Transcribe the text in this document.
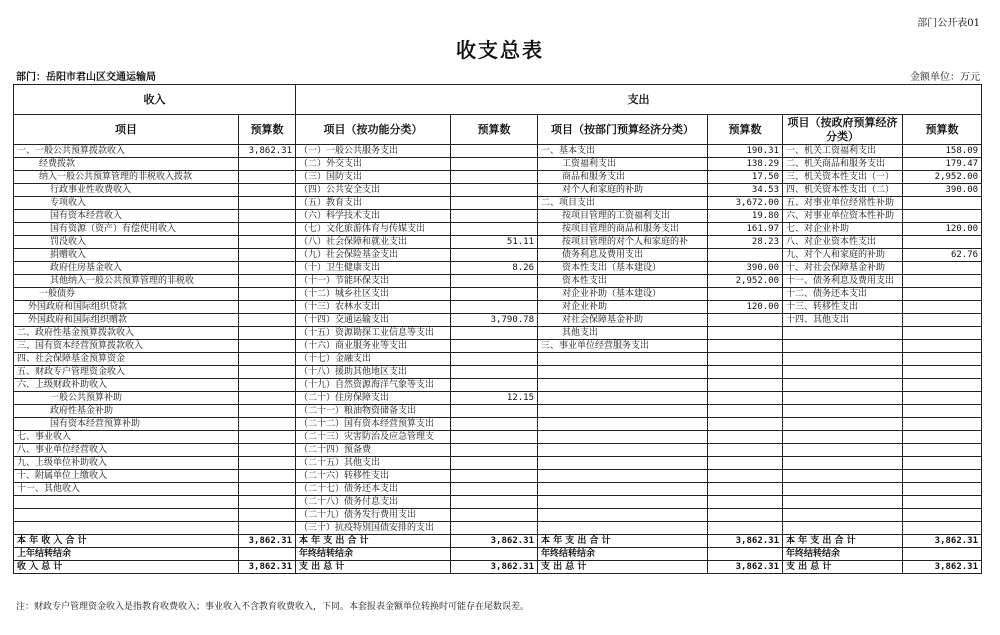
部门公开表01
收支总表
部门：岳阳市君山区交通运输局	金额单位：万元
收入		支出					
项目	预算数	项目（按功能分类）	预算数	项目（按部门预算经济分类）	预算数	项目（按政府预算经济分类）	预算数
一、一般公共预算拨款收入	3,862.31	（一）一般公共服务支出		一、基本支出	190.31	一、机关工资福利支出	158.09
经费拨款		（二）外交支出		工资福利支出	138.29	二、机关商品和服务支出	179.47
纳入一般公共预算管理的非税收入拨款		（三）国防支出		商品和服务支出	17.50	三、机关资本性支出（一）	2,952.00
行政事业性收费收入		（四）公共安全支出		对个人和家庭的补助	34.53	四、机关资本性支出（二）	390.00
专项收入		（五）教育支出		二、项目支出	3,672.00	五、对事业单位经常性补助	
国有资本经营收入		（六）科学技术支出		按项目管理的工资福利支出	19.80	六、对事业单位资本性补助	
国有资源（资产）有偿使用收入		（七）文化旅游体育与传媒支出		按项目管理的商品和服务支出	161.97	七、对企业补助	120.00
罚没收入		（八）社会保障和就业支出	51.11	按项目管理的对个人和家庭的补	28.23	八、对企业资本性支出	
捐赠收入		（九）社会保险基金支出		债务利息及费用支出		九、对个人和家庭的补助	62.76
政府住房基金收入		（十）卫生健康支出	8.26	资本性支出（基本建设）	390.00	十、对社会保障基金补助	
其他纳入一般公共预算管理的非税收		（十一）节能环保支出		资本性支出	2,952.00	十一、债务利息及费用支出	
一般债券		（十二）城乡社区支出		对企业补助（基本建设）		十二、债务还本支出	
外国政府和国际组织贷款		（十三）农林水支出		对企业补助	120.00	十三、转移性支出	
外国政府和国际组织赠款		（十四）交通运输支出	3,790.78	对社会保障基金补助		十四、其他支出	
二、政府性基金预算拨款收入		（十五）资源勘探工业信息等支出		其他支出			
三、国有资本经营预算拨款收入		（十六）商业服务业等支出		三、事业单位经营服务支出			
四、社会保障基金预算资金		（十七）金融支出					
五、财政专户管理资金收入		（十八）援助其他地区支出					
六、上级财政补助收入		（十九）自然资源海洋气象等支出					
一般公共预算补助		（二十）住房保障支出	12.15				
政府性基金补助		（二十一）粮油物资储备支出					
国有资本经营预算补助		（二十二）国有资本经营预算支出					
七、事业收入		（二十三）灾害防治及应急管理支					
八、事业单位经营收入		（二十四）预备费					
九、上级单位补助收入		（二十五）其他支出					
十、附属单位上缴收入		（二十六）转移性支出					
十一、其他收入		（二十七）债务还本支出					
		（二十八）债务付息支出					
		（二十九）债务发行费用支出					
		（三十）抗疫特别国债安排的支出					
本 年 收 入 合 计	3,862.31	本 年 支 出 合 计	3,862.31	本 年 支 出 合 计	3,862.31	本 年 支 出 合 计	3,862.31
上年结转结余		年终结转结余		年终结转结余		年终结转结余	
收 入 总 计	3,862.31	支 出 总 计	3,862.31	支 出 总 计	3,862.31	支 出 总 计	3,862.31
注：财政专户管理资金收入是指教育收费收入；事业收入不含教育收费收入，下同。本套报表金额单位转换时可能存在尾数误差。
